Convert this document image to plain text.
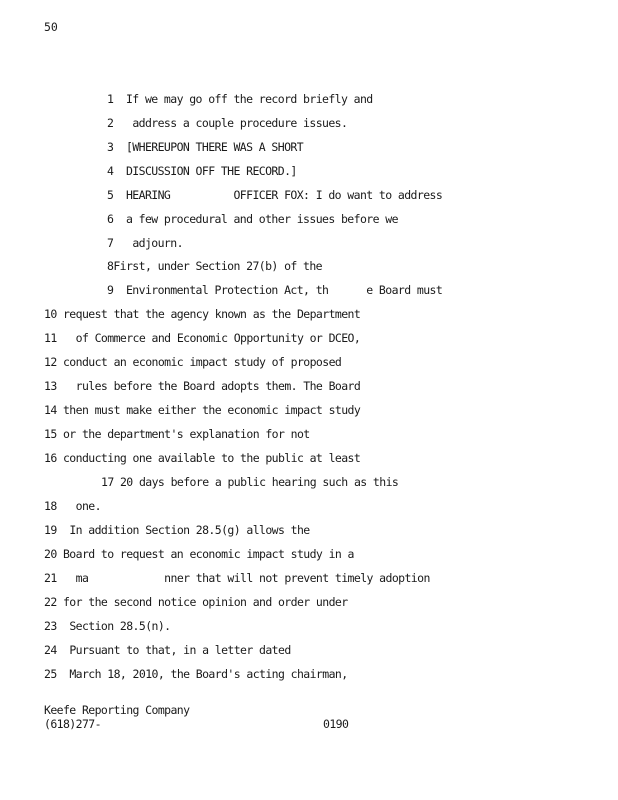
50
1 If we may go off the record briefly and
2 address a couple procedure issues.
3 [WHEREUPON THERE WAS A SHORT
4 DISCUSSION OFF THE RECORD.]
5 HEARING          OFFICER FOX: I do want to address
6 a few procedural and other issues before we
7 adjourn.
8First, under Section 27(b) of the
9 Environmental Protection Act, th      e Board must
10 request that the agency known as the Department
11 of Commerce and Economic Opportunity or DCEO,
12 conduct an economic impact study of proposed
13 rules before the Board adopts them. The Board
14 then must make either the economic impact study
15 or the department's explanation for not
16 conducting one available to the public at least
17 20 days before a public hearing such as this
18 one.
19 In addition Section 28.5(g) allows the
20 Board to request an economic impact study in a
21 ma            nner that will not prevent timely adoption
22 for the second notice opinion and order under
23 Section 28.5(n).
24 Pursuant to that, in a letter dated
25 March 18, 2010, the Board's acting chairman,
Keefe Reporting Company
(618)277-	0190
